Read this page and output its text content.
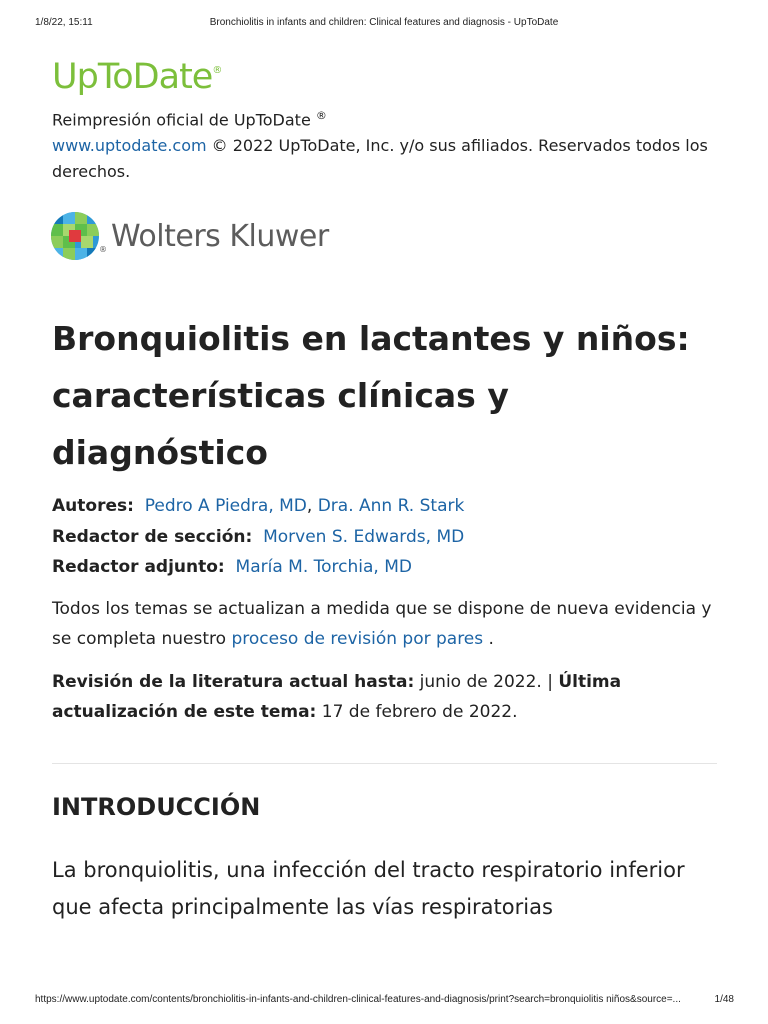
1/8/22, 15:11	Bronchiolitis in infants and children: Clinical features and diagnosis - UpToDate
UpToDate®
Reimpresión oficial de UpToDate ®
www.uptodate.com © 2022 UpToDate, Inc. y/o sus afiliados. Reservados todos los derechos.
® Wolters Kluwer
Bronquiolitis en lactantes y niños: características clínicas y diagnóstico
Autores: Pedro A Piedra, MD, Dra. Ann R. Stark
Redactor de sección: Morven S. Edwards, MD
Redactor adjunto: María M. Torchia, MD

Todos los temas se actualizan a medida que se dispone de nueva evidencia y se completa nuestro proceso de revisión por pares .

Revisión de la literatura actual hasta: junio de 2022. | Última actualización de este tema: 17 de febrero de 2022.

INTRODUCCIÓN

La bronquiolitis, una infección del tracto respiratorio inferior que afecta principalmente las vías respiratorias

https://www.uptodate.com/contents/bronchiolitis-in-infants-and-children-clinical-features-and-diagnosis/print?search=bronquiolitis niños&source=...	1/48
